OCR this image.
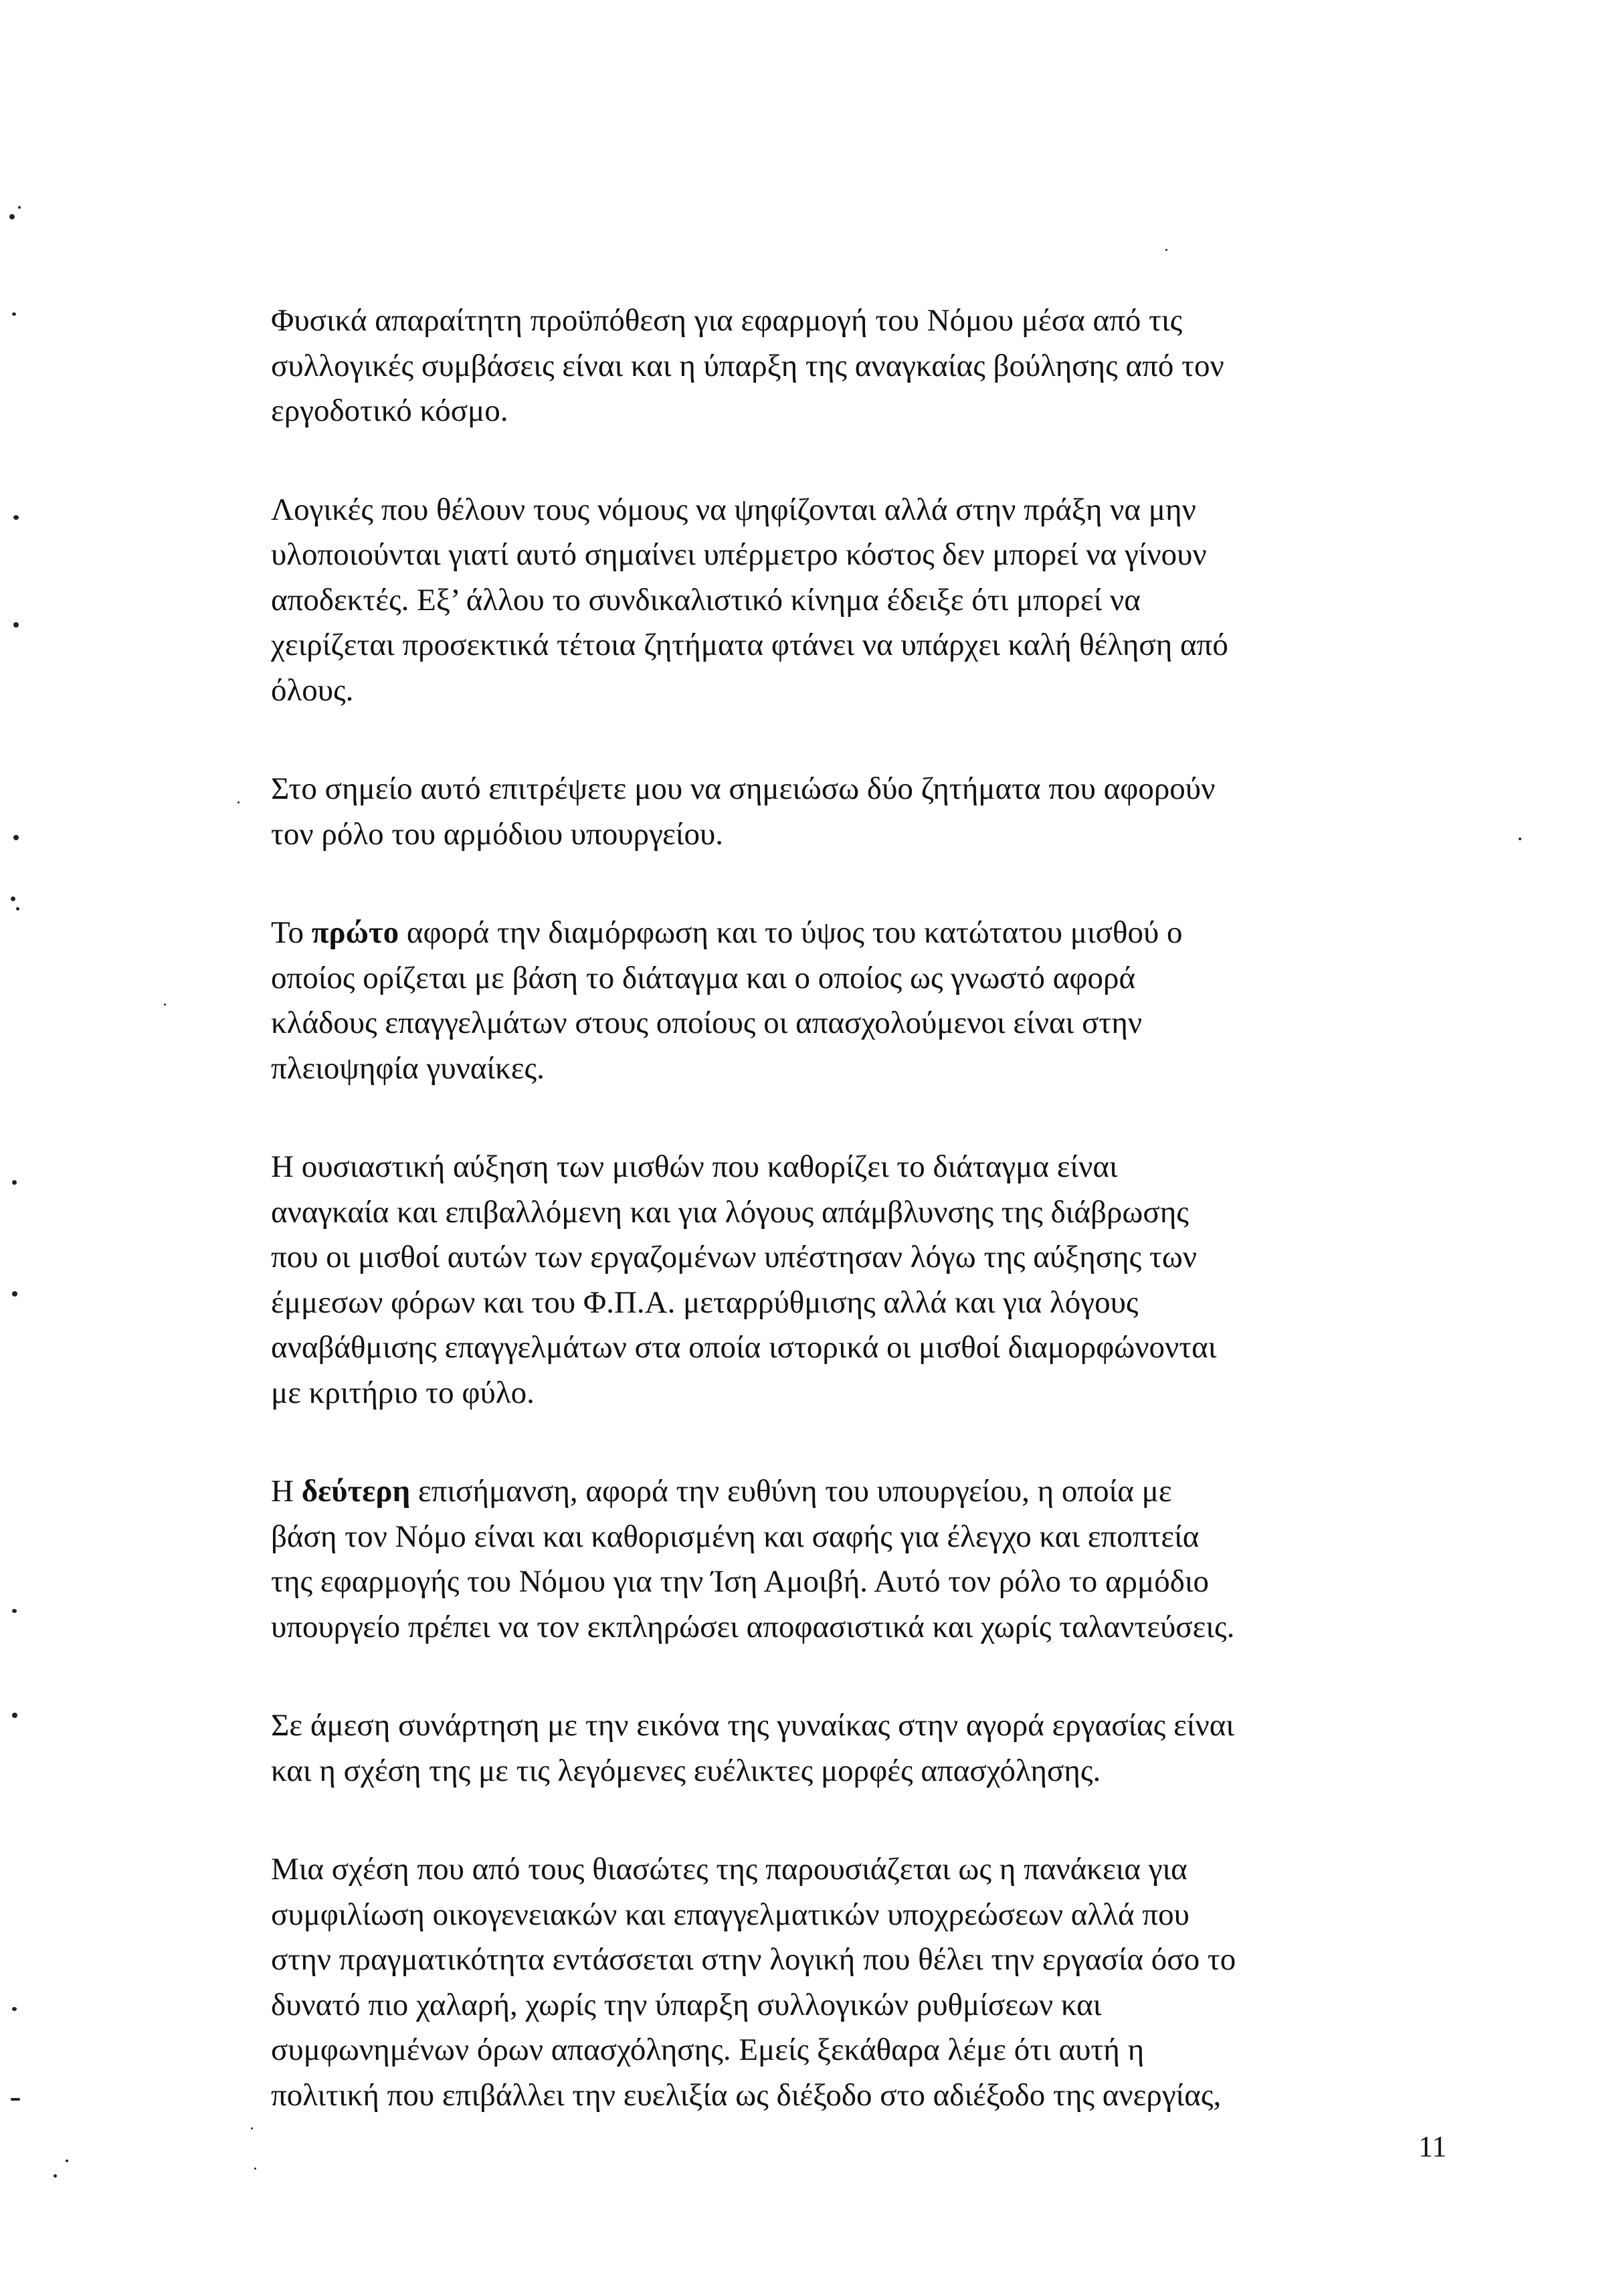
Φυσικά απαραίτητη προϋπόθεση για εφαρμογή του Νόμου μέσα από τις
συλλογικές συμβάσεις είναι και η ύπαρξη της αναγκαίας βούλησης από τον
εργοδοτικό κόσμο.

Λογικές που θέλουν τους νόμους να ψηφίζονται αλλά στην πράξη να μην
υλοποιούνται γιατί αυτό σημαίνει υπέρμετρο κόστος δεν μπορεί να γίνουν
αποδεκτές. Εξ’ άλλου το συνδικαλιστικό κίνημα έδειξε ότι μπορεί να
χειρίζεται προσεκτικά τέτοια ζητήματα φτάνει να υπάρχει καλή θέληση από
όλους.

Στο σημείο αυτό επιτρέψετε μου να σημειώσω δύο ζητήματα που αφορούν
τον ρόλο του αρμόδιου υπουργείου.

Το πρώτο αφορά την διαμόρφωση και το ύψος του κατώτατου μισθού ο
οποίος ορίζεται με βάση το διάταγμα και ο οποίος ως γνωστό αφορά
κλάδους επαγγελμάτων στους οποίους οι απασχολούμενοι είναι στην
πλειοψηφία γυναίκες.

Η ουσιαστική αύξηση των μισθών που καθορίζει το διάταγμα είναι
αναγκαία και επιβαλλόμενη και για λόγους απάμβλυνσης της διάβρωσης
που οι μισθοί αυτών των εργαζομένων υπέστησαν λόγω της αύξησης των
έμμεσων φόρων και του Φ.Π.Α. μεταρρύθμισης αλλά και για λόγους
αναβάθμισης επαγγελμάτων στα οποία ιστορικά οι μισθοί διαμορφώνονται
με κριτήριο το φύλο.

Η δεύτερη επισήμανση, αφορά την ευθύνη του υπουργείου, η οποία με
βάση τον Νόμο είναι και καθορισμένη και σαφής για έλεγχο και εποπτεία
της εφαρμογής του Νόμου για την Ίση Αμοιβή. Αυτό τον ρόλο το αρμόδιο
υπουργείο πρέπει να τον εκπληρώσει αποφασιστικά και χωρίς ταλαντεύσεις.

Σε άμεση συνάρτηση με την εικόνα της γυναίκας στην αγορά εργασίας είναι
και η σχέση της με τις λεγόμενες ευέλικτες μορφές απασχόλησης.

Μια σχέση που από τους θιασώτες της παρουσιάζεται ως η πανάκεια για
συμφιλίωση οικογενειακών και επαγγελματικών υποχρεώσεων αλλά που
στην πραγματικότητα εντάσσεται στην λογική που θέλει την εργασία όσο το
δυνατό πιο χαλαρή, χωρίς την ύπαρξη συλλογικών ρυθμίσεων και
συμφωνημένων όρων απασχόλησης. Εμείς ξεκάθαρα λέμε ότι αυτή η
πολιτική που επιβάλλει την ευελιξία ως διέξοδο στο αδιέξοδο της ανεργίας,

11
